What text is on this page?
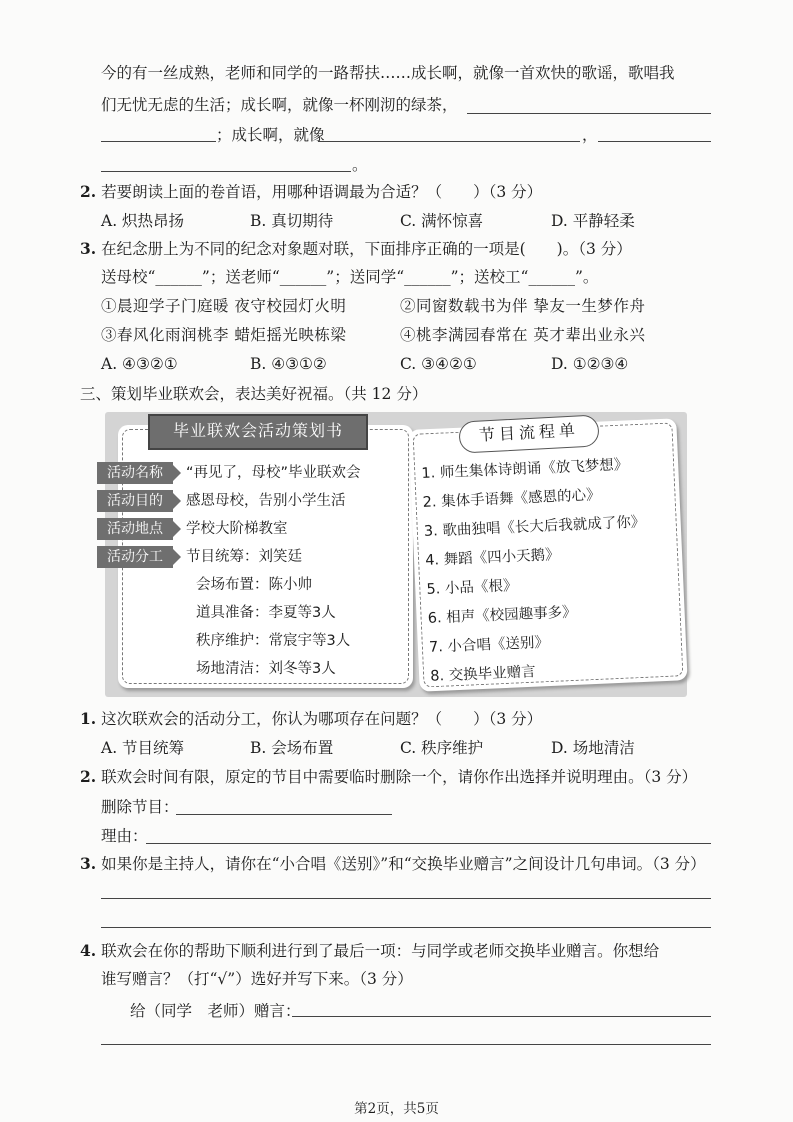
今的有一丝成熟，老师和同学的一路帮扶……成长啊，就像一首欢快的歌谣，歌唱我
们无忧无虑的生活；成长啊，就像一杯刚沏的绿茶，
；成长啊，就像	，
。
2. 若要朗读上面的卷首语，用哪种语调最为合适？（　　）（3 分）
A. 炽热昂扬	B. 真切期待	C. 满怀惊喜	D. 平静轻柔
3. 在纪念册上为不同的纪念对象题对联，下面排序正确的一项是(　　)。（3 分）
送母校“______”；送老师“______”；送同学“______”；送校工“______”。
①晨迎学子门庭暖 夜守校园灯火明	②同窗数载书为伴 挚友一生梦作舟
③春风化雨润桃李 蜡炬摇光映栋梁	④桃李满园春常在 英才辈出业永兴
A. ④③②①	B. ④③①②	C. ③④②①	D. ①②③④
三、策划毕业联欢会，表达美好祝福。（共 12 分）
毕业联欢会活动策划书
活动名称	“再见了，母校”毕业联欢会
活动目的	感恩母校，告别小学生活
活动地点	学校大阶梯教室
活动分工	节目统筹：刘笑廷
会场布置：陈小帅
道具准备：李夏等3人
秩序维护：常宸宇等3人
场地清洁：刘冬等3人
节目流程单
1. 师生集体诗朗诵《放飞梦想》
2. 集体手语舞《感恩的心》
3. 歌曲独唱《长大后我就成了你》
4. 舞蹈《四小天鹅》
5. 小品《根》
6. 相声《校园趣事多》
7. 小合唱《送别》
8. 交换毕业赠言
1. 这次联欢会的活动分工，你认为哪项存在问题？（　　）（3 分）
A. 节目统筹	B. 会场布置	C. 秩序维护	D. 场地清洁
2. 联欢会时间有限，原定的节目中需要临时删除一个，请你作出选择并说明理由。（3 分）
删除节目：
理由：
3. 如果你是主持人，请你在“小合唱《送别》”和“交换毕业赠言”之间设计几句串词。（3 分）
4. 联欢会在你的帮助下顺利进行到了最后一项：与同学或老师交换毕业赠言。你想给
谁写赠言？（打“√”）选好并写下来。（3 分）
给（同学　老师）赠言：
第2页，共5页
